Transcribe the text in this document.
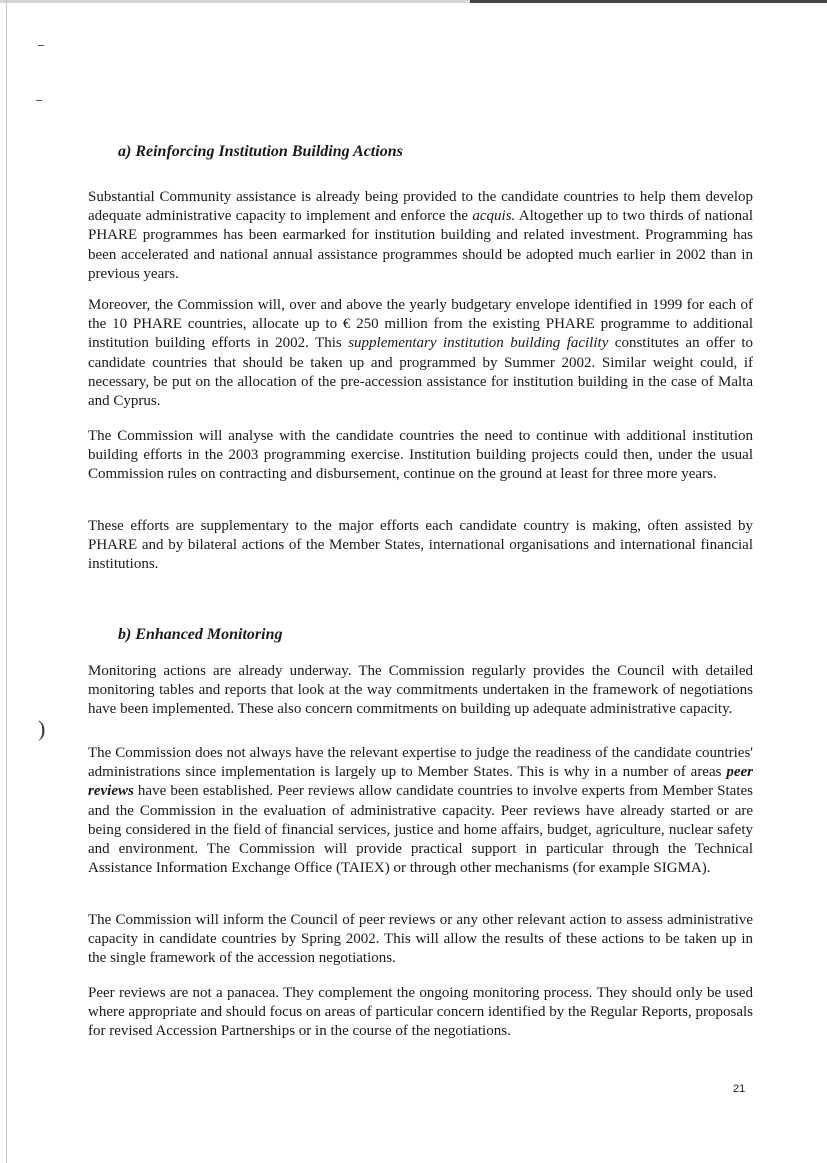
)
a) Reinforcing Institution Building Actions

Substantial Community assistance is already being provided to the candidate countries to help them develop adequate administrative capacity to implement and enforce the acquis. Altogether up to two thirds of national PHARE programmes has been earmarked for institution building and related investment. Programming has been accelerated and national annual assistance programmes should be adopted much earlier in 2002 than in previous years.

Moreover, the Commission will, over and above the yearly budgetary envelope identified in 1999 for each of the 10 PHARE countries, allocate up to € 250 million from the existing PHARE programme to additional institution building efforts in 2002. This supplementary institution building facility constitutes an offer to candidate countries that should be taken up and programmed by Summer 2002. Similar weight could, if necessary, be put on the allocation of the pre-accession assistance for institution building in the case of Malta and Cyprus.

The Commission will analyse with the candidate countries the need to continue with additional institution building efforts in the 2003 programming exercise. Institution building projects could then, under the usual Commission rules on contracting and disbursement, continue on the ground at least for three more years.

These efforts are supplementary to the major efforts each candidate country is making, often assisted by PHARE and by bilateral actions of the Member States, international organisations and international financial institutions.

b) Enhanced Monitoring

Monitoring actions are already underway. The Commission regularly provides the Council with detailed monitoring tables and reports that look at the way commitments undertaken in the framework of negotiations have been implemented. These also concern commitments on building up adequate administrative capacity.

The Commission does not always have the relevant expertise to judge the readiness of the candidate countries' administrations since implementation is largely up to Member States. This is why in a number of areas peer reviews have been established. Peer reviews allow candidate countries to involve experts from Member States and the Commission in the evaluation of administrative capacity. Peer reviews have already started or are being considered in the field of financial services, justice and home affairs, budget, agriculture, nuclear safety and environment. The Commission will provide practical support in particular through the Technical Assistance Information Exchange Office (TAIEX) or through other mechanisms (for example SIGMA).

The Commission will inform the Council of peer reviews or any other relevant action to assess administrative capacity in candidate countries by Spring 2002. This will allow the results of these actions to be taken up in the single framework of the accession negotiations.

Peer reviews are not a panacea. They complement the ongoing monitoring process. They should only be used where appropriate and should focus on areas of particular concern identified by the Regular Reports, proposals for revised Accession Partnerships or in the course of the negotiations.

21
